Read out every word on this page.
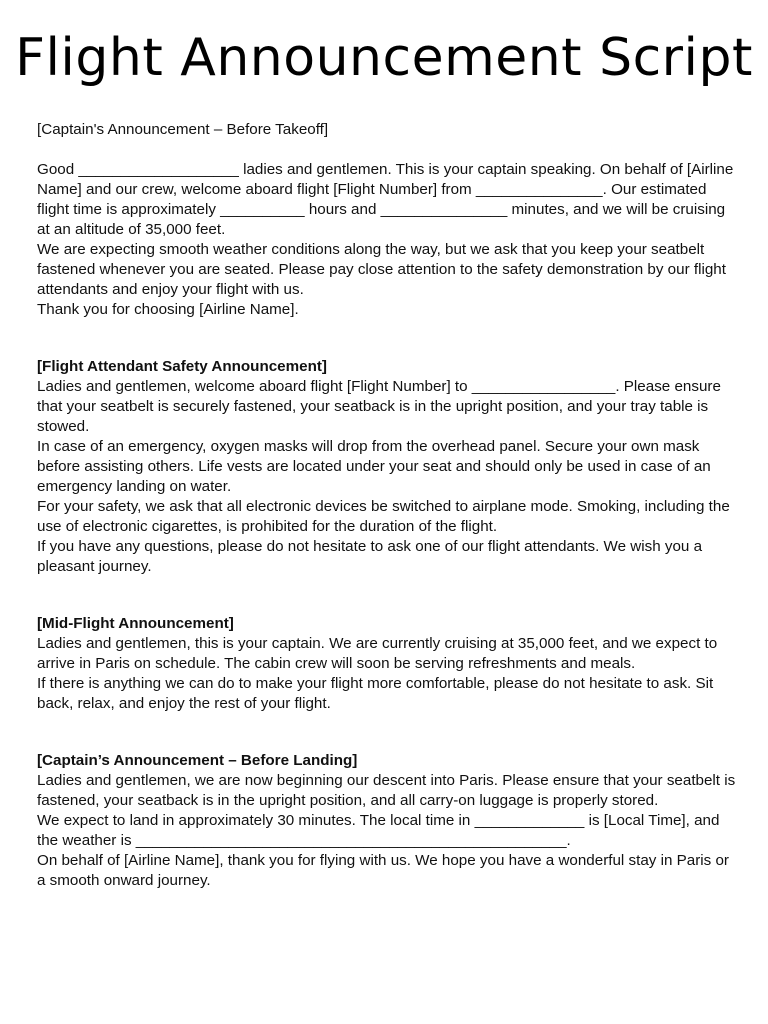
Flight Announcement Script

[Captain's Announcement – Before Takeoff]

Good ___________________ ladies and gentlemen. This is your captain speaking. On behalf of [Airline Name] and our crew, welcome aboard flight [Flight Number] from _______________. Our estimated flight time is approximately __________ hours and _______________ minutes, and we will be cruising at an altitude of 35,000 feet.

We are expecting smooth weather conditions along the way, but we ask that you keep your seatbelt fastened whenever you are seated. Please pay close attention to the safety demonstration by our flight attendants and enjoy your flight with us.

Thank you for choosing [Airline Name].

[Flight Attendant Safety Announcement]

Ladies and gentlemen, welcome aboard flight [Flight Number] to _________________. Please ensure that your seatbelt is securely fastened, your seatback is in the upright position, and your tray table is stowed.

In case of an emergency, oxygen masks will drop from the overhead panel. Secure your own mask before assisting others. Life vests are located under your seat and should only be used in case of an emergency landing on water.

For your safety, we ask that all electronic devices be switched to airplane mode. Smoking, including the use of electronic cigarettes, is prohibited for the duration of the flight.

If you have any questions, please do not hesitate to ask one of our flight attendants. We wish you a pleasant journey.

[Mid-Flight Announcement]

Ladies and gentlemen, this is your captain. We are currently cruising at 35,000 feet, and we expect to arrive in Paris on schedule. The cabin crew will soon be serving refreshments and meals.

If there is anything we can do to make your flight more comfortable, please do not hesitate to ask. Sit back, relax, and enjoy the rest of your flight.

[Captain’s Announcement – Before Landing]

Ladies and gentlemen, we are now beginning our descent into Paris. Please ensure that your seatbelt is fastened, your seatback is in the upright position, and all carry-on luggage is properly stored.

We expect to land in approximately 30 minutes. The local time in _____________ is [Local Time], and the weather is ___________________________________________________.

On behalf of [Airline Name], thank you for flying with us. We hope you have a wonderful stay in Paris or a smooth onward journey.
